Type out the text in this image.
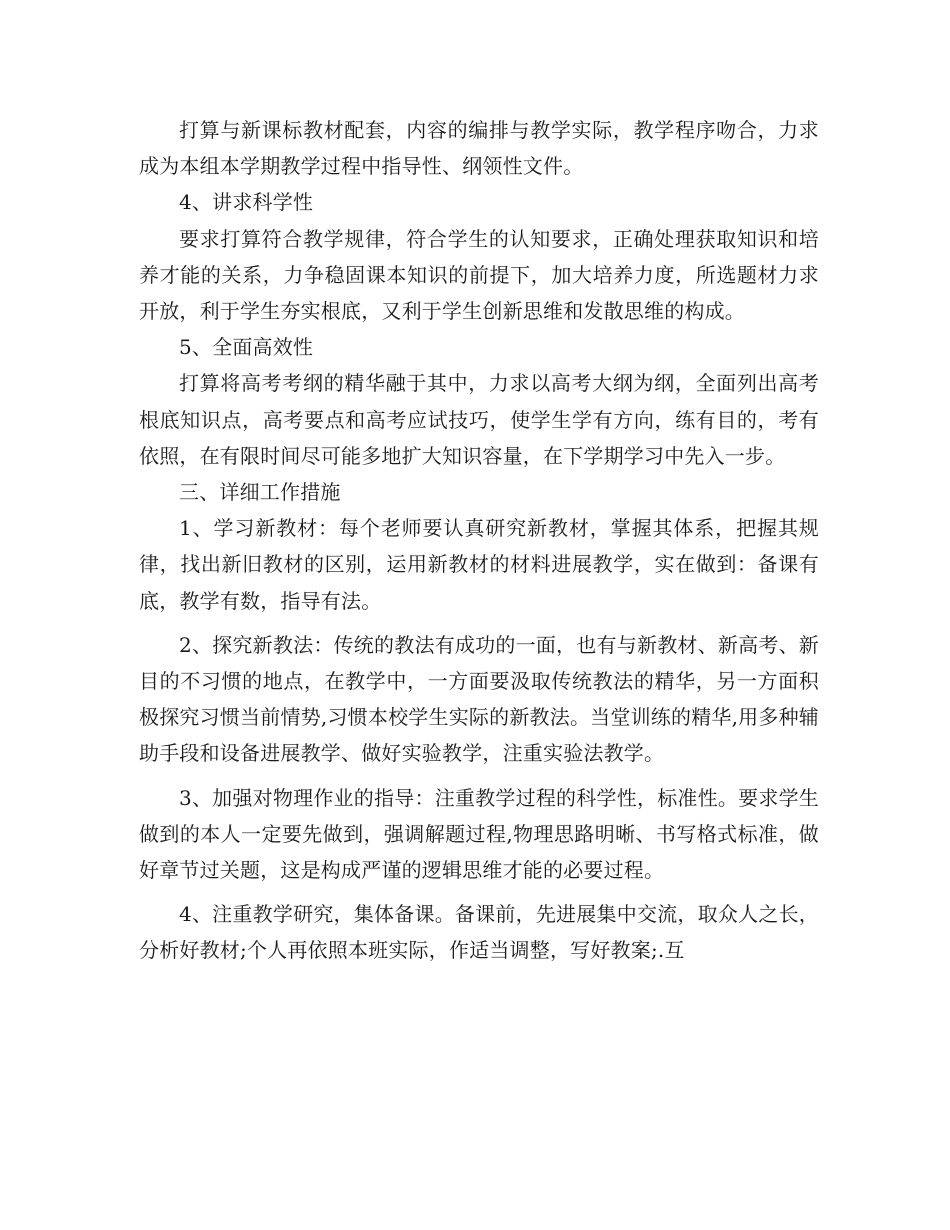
打算与新课标教材配套，内容的编排与教学实际，教学程序吻合，力求成为本组本学期教学过程中指导性、纲领性文件。

4、讲求科学性

要求打算符合教学规律，符合学生的认知要求，正确处理获取知识和培养才能的关系，力争稳固课本知识的前提下，加大培养力度，所选题材力求开放，利于学生夯实根底，又利于学生创新思维和发散思维的构成。

5、全面高效性

打算将高考考纲的精华融于其中，力求以高考大纲为纲，全面列出高考根底知识点，高考要点和高考应试技巧，使学生学有方向，练有目的，考有依照，在有限时间尽可能多地扩大知识容量，在下学期学习中先入一步。

三、详细工作措施

1、学习新教材：每个老师要认真研究新教材，掌握其体系，把握其规律，找出新旧教材的区别，运用新教材的材料进展教学，实在做到：备课有底，教学有数，指导有法。

2、探究新教法：传统的教法有成功的一面，也有与新教材、新高考、新目的不习惯的地点，在教学中，一方面要汲取传统教法的精华，另一方面积极探究习惯当前情势,习惯本校学生实际的新教法。当堂训练的精华,用多种辅助手段和设备进展教学、做好实验教学，注重实验法教学。

3、加强对物理作业的指导：注重教学过程的科学性，标准性。要求学生做到的本人一定要先做到，强调解题过程,物理思路明晰、书写格式标准，做好章节过关题，这是构成严谨的逻辑思维才能的必要过程。

4、注重教学研究，集体备课。备课前，先进展集中交流，取众人之长，分析好教材;个人再依照本班实际，作适当调整，写好教案;.互
